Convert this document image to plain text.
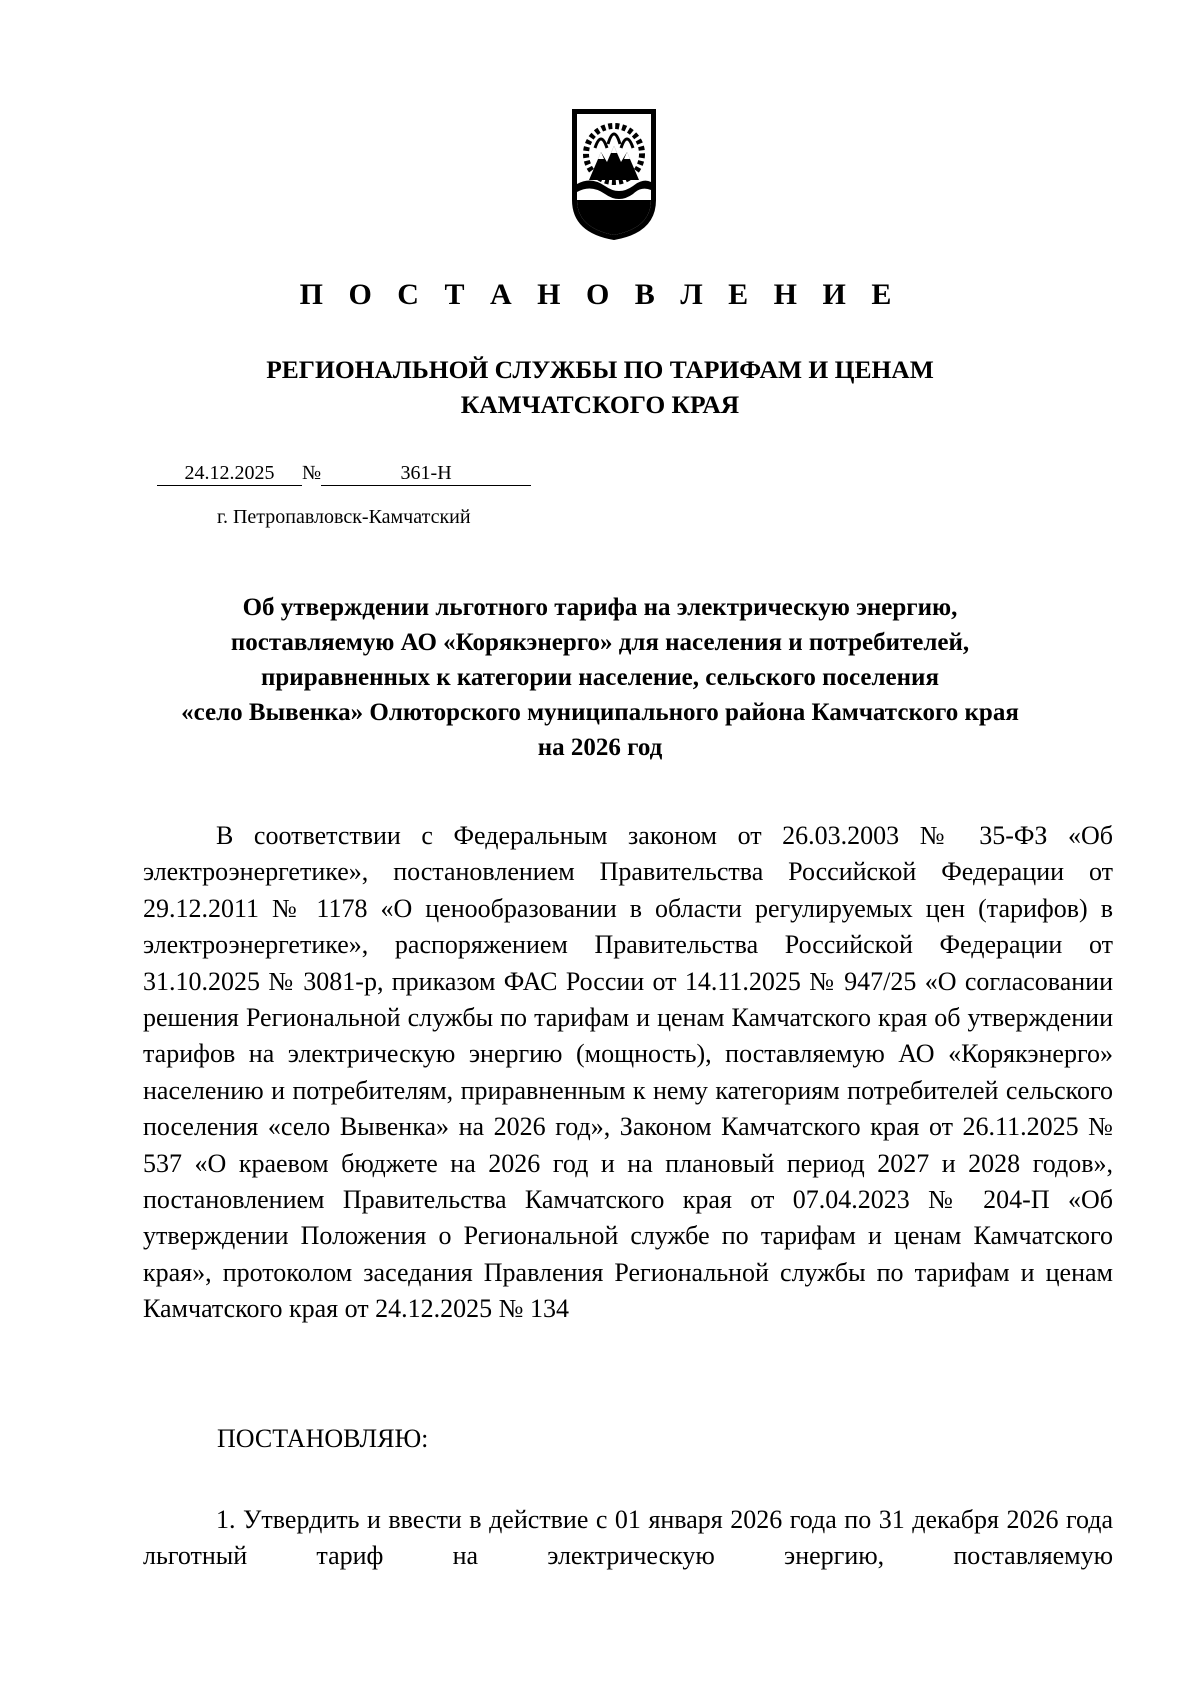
П О С Т А Н О В Л Е Н И Е
РЕГИОНАЛЬНОЙ СЛУЖБЫ ПО ТАРИФАМ И ЦЕНАМ
КАМЧАТСКОГО КРАЯ
24.12.2025 №	361-Н
г. Петропавловск-Камчатский
Об утверждении льготного тарифа на электрическую энергию,
поставляемую АО «Корякэнерго» для населения и потребителей,
приравненных к категории население, сельского поселения
«село Вывенка» Олюторского муниципального района Камчатского края
на 2026 год

В соответствии с Федеральным законом от 26.03.2003 № 35-ФЗ «Об электроэнергетике», постановлением Правительства Российской Федерации от 29.12.2011 № 1178 «О ценообразовании в области регулируемых цен (тарифов) в электроэнергетике», распоряжением Правительства Российской Федерации от 31.10.2025 № 3081-р, приказом ФАС России от 14.11.2025 № 947/25 «О согласовании решения Региональной службы по тарифам и ценам Камчатского края об утверждении тарифов на электрическую энергию (мощность), поставляемую АО «Корякэнерго» населению и потребителям, приравненным к нему категориям потребителей сельского поселения «село Вывенка» на 2026 год», Законом Камчатского края от 26.11.2025 № 537 «О краевом бюджете на 2026 год и на плановый период 2027 и 2028 годов», постановлением Правительства Камчатского края от 07.04.2023 № 204-П «Об утверждении Положения о Региональной службе по тарифам и ценам Камчатского края», протоколом заседания Правления Региональной службы по тарифам и ценам Камчатского края от 24.12.2025 № 134

ПОСТАНОВЛЯЮ:

1. Утвердить и ввести в действие с 01 января 2026 года по 31 декабря 2026 года льготный тариф на электрическую энергию, поставляемую
